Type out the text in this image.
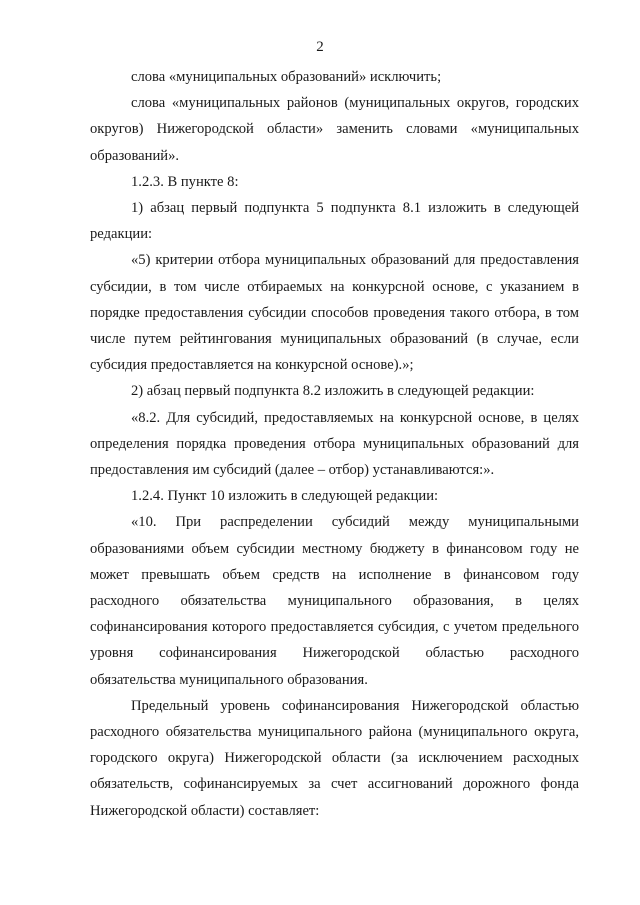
2

слова «муниципальных образований» исключить;

слова «муниципальных районов (муниципальных округов, городских округов) Нижегородской области» заменить словами «муниципальных образований».

1.2.3. В пункте 8:

1) абзац первый подпункта 5 подпункта 8.1 изложить в следующей редакции:

«5) критерии отбора муниципальных образований для предоставления субсидии, в том числе отбираемых на конкурсной основе, с указанием в порядке предоставления субсидии способов проведения такого отбора, в том числе путем рейтингования муниципальных образований (в случае, если субсидия предоставляется на конкурсной основе).»;

2) абзац первый подпункта 8.2 изложить в следующей редакции:

«8.2. Для субсидий, предоставляемых на конкурсной основе, в целях определения порядка проведения отбора муниципальных образований для предоставления им субсидий (далее – отбор) устанавливаются:».

1.2.4. Пункт 10 изложить в следующей редакции:

«10. При распределении субсидий между муниципальными образованиями объем субсидии местному бюджету в финансовом году не может превышать объем средств на исполнение в финансовом году расходного обязательства муниципального образования, в целях софинансирования которого предоставляется субсидия, с учетом предельного уровня софинансирования Нижегородской областью расходного обязательства муниципального образования.

Предельный уровень софинансирования Нижегородской областью расходного обязательства муниципального района (муниципального округа, городского округа) Нижегородской области (за исключением расходных обязательств, софинансируемых за счет ассигнований дорожного фонда Нижегородской области) составляет:
